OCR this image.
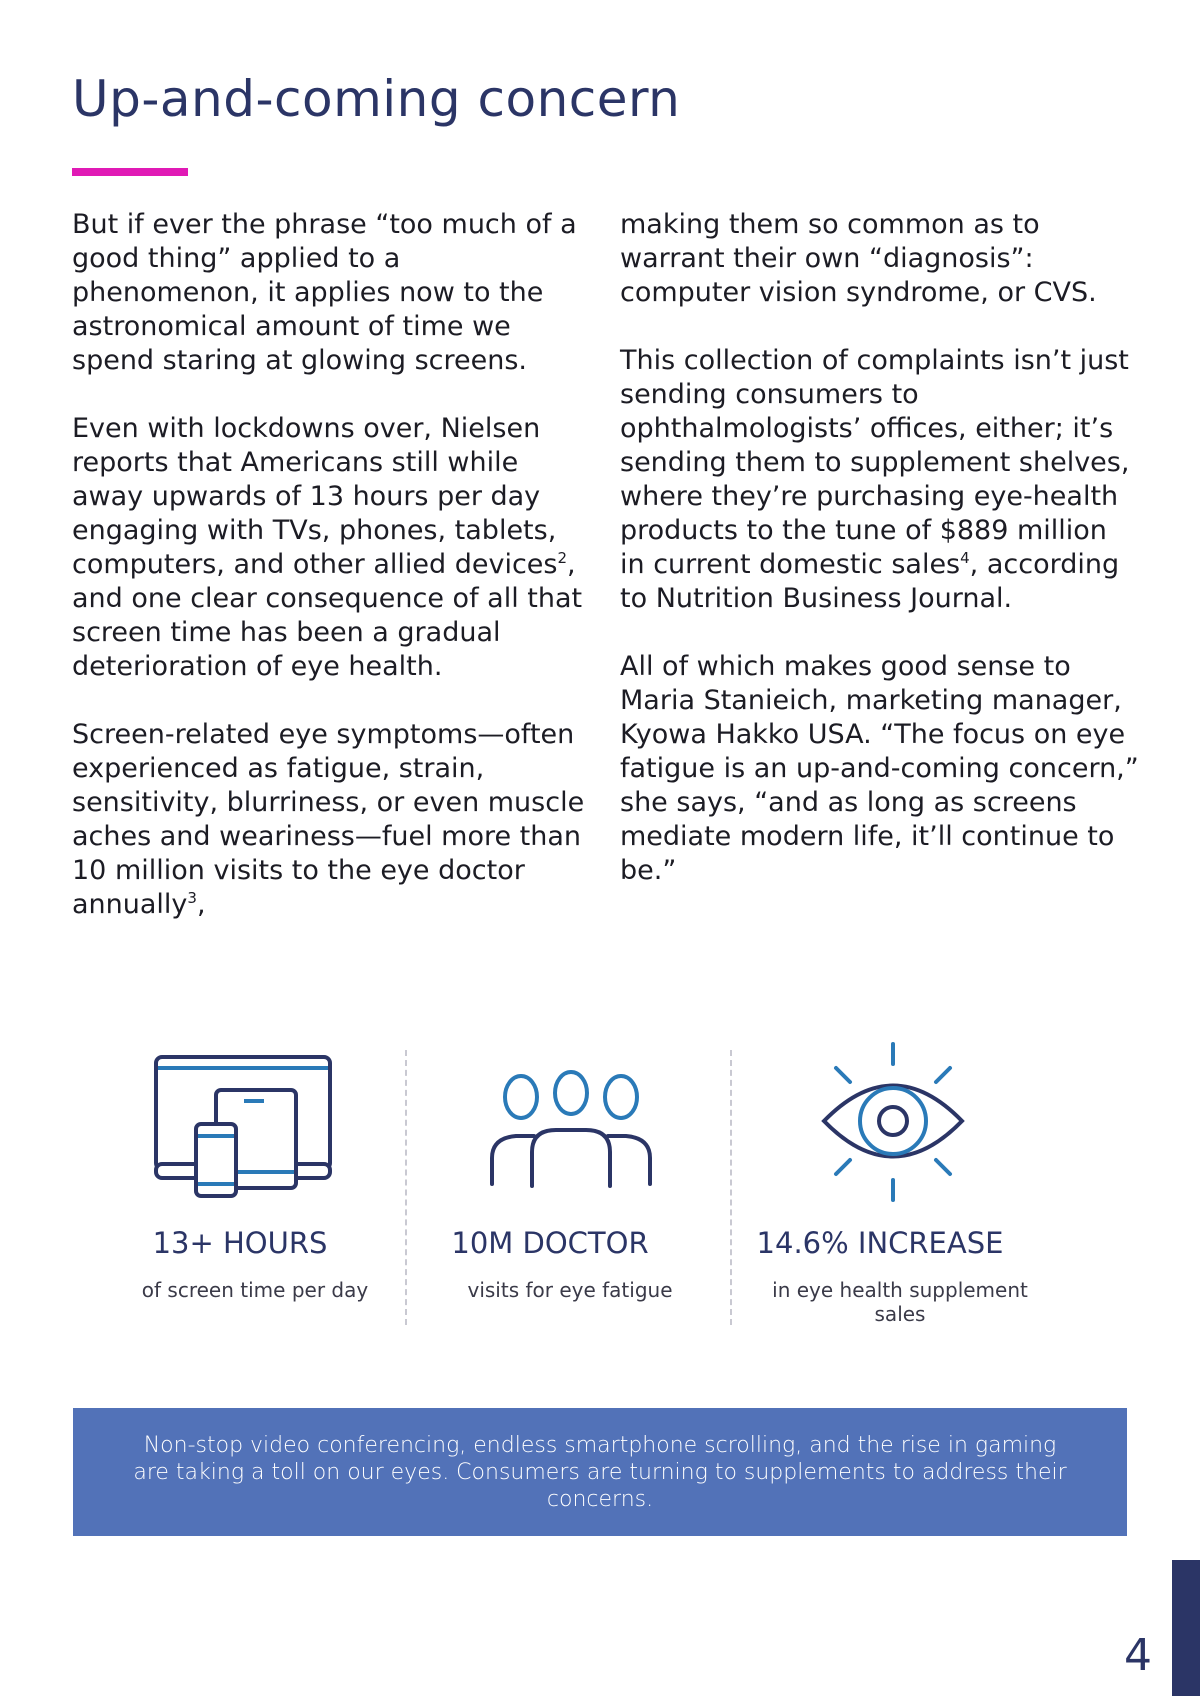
Up-and-coming concern

But if ever the phrase “too much of a good thing” applied to a phenomenon, it applies now to the astronomical amount of time we spend staring at glowing screens.

Even with lockdowns over, Nielsen reports that Americans still while away upwards of 13 hours per day engaging with TVs, phones, tablets, computers, and other allied devices$^2$, and one clear consequence of all that screen time has been a gradual deterioration of eye health.

Screen-related eye symptoms—often experienced as fatigue, strain, sensitivity, blurriness, or even muscle aches and weariness—fuel more than 10 million visits to the eye doctor annually$^3$,

making them so common as to warrant their own “diagnosis”: computer vision syndrome, or CVS.

This collection of complaints isn’t just sending consumers to ophthalmologists’ offices, either; it’s sending them to supplement shelves, where they’re purchasing eye-health products to the tune of $889 million in current domestic sales$^4$, according to Nutrition Business Journal.

All of which makes good sense to Maria Stanieich, marketing manager, Kyowa Hakko USA. “The focus on eye fatigue is an up-and-coming concern,” she says, “and as long as screens mediate modern life, it’ll continue to be.”

13+ HOURS
of screen time per day
10M DOCTOR
visits for eye fatigue
14.6% INCREASE
in eye health supplement sales
Non-stop video conferencing, endless smartphone scrolling, and the rise in gaming are taking a toll on our eyes. Consumers are turning to supplements to address their concerns.
4
